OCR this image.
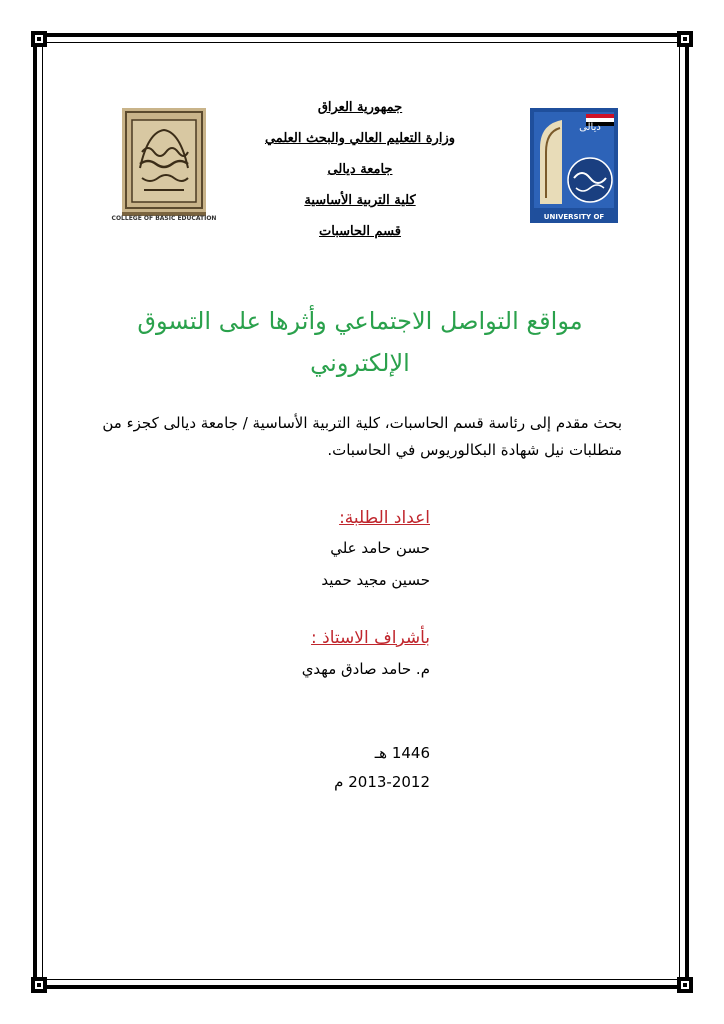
جمهورية العراق
وزارة التعليم العالي والبحث العلمي
جامعة ديالى
كلية التربية الأساسية
قسم الحاسبات
COLLEGE OF BASIC EDUCATION
ديالى
UNIVERSITY OF DIYALA
مواقع التواصل الاجتماعي وأثرها على التسوق الإلكتروني
بحث مقدم إلى رئاسة قسم الحاسبات، كلية التربية الأساسية / جامعة ديالى كجزء من متطلبات نيل شهادة البكالوريوس في الحاسبات.
اعداد الطلبة:
حسن حامد علي
حسين مجيد حميد
بأشراف الاستاذ :
م. حامد صادق مهدي
1446 هـ
2013-2012 م
